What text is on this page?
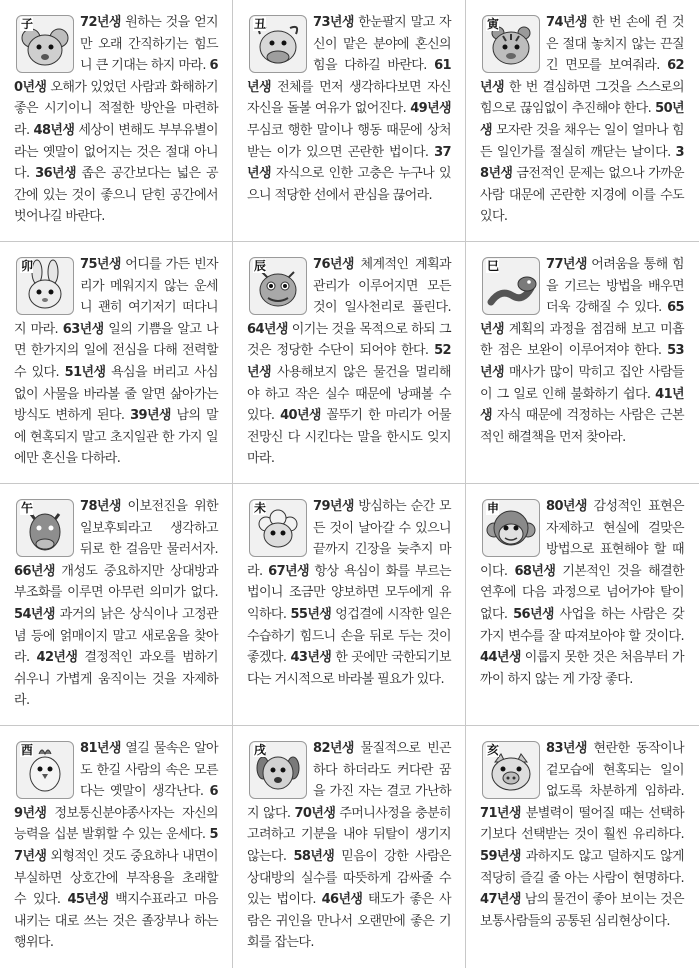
子	72년생 원하는 것을 얻지만 오래 간직하기는 힘드니 큰 기대는 하지 마라. 60년생 오해가 있었던 사람과 화해하기 좋은 시기이니 적절한 방안을 마련하라. 48년생 세상이 변해도 부부유별이라는 옛말이 없어지는 것은 절대 아니다. 36년생 좁은 공간보다는 넓은 공간에 있는 것이 좋으니 닫힌 공간에서 벗어나길 바란다.

丑	73년생 한눈팔지 말고 자신이 맡은 분야에 혼신의 힘을 다하길 바란다. 61년생 전체를 먼저 생각하다보면 자신 자신을 돌볼 여유가 없어진다. 49년생 무심코 행한 말이나 행동 때문에 상처받는 이가 있으면 곤란한 법이다. 37년생 자식으로 인한 고충은 누구나 있으니 적당한 선에서 관심을 끊어라.

寅	74년생 한 번 손에 쥔 것은 절대 놓치지 않는 끈질긴 면모를 보여줘라. 62년생 한 번 결심하면 그것을 스스로의 힘으로 끊임없이 추진해야 한다. 50년생 모자란 것을 채우는 일이 얼마나 힘든 일인가를 절실히 깨닫는 날이다. 38년생 금전적인 문제는 없으나 가까운 사람 대문에 곤란한 지경에 이를 수도 있다.

卯	75년생 어디를 가든 빈자리가 메워지지 않는 운세니 괜히 여기저기 떠다니지 마라. 63년생 일의 기쁨을 알고 나면 한가지의 일에 전심을 다해 전력할 수 있다. 51년생 욕심을 버리고 사심없이 사물을 바라볼 줄 알면 삶아가는 방식도 변하게 된다. 39년생 남의 말에 현혹되지 말고 초지일관 한 가지 일에만 혼신을 다하라.

辰	76년생 체계적인 계획과 관리가 이루어지면 모든 것이 일사천리로 풀린다. 64년생 이기는 것을 목적으로 하되 그것은 정당한 수단이 되어야 한다. 52년생 사용해보지 않은 물건을 멀리해야 하고 작은 실수 때문에 낭패볼 수 있다. 40년생 꼴뚜기 한 마리가 어물전망신 다 시킨다는 말을 한시도 잊지 마라.

巳	77년생 어려움을 통해 힘을 기르는 방법을 배우면 더욱 강해질 수 있다. 65년생 계획의 과정을 점검해 보고 미흡한 점은 보완이 이루어져야 한다. 53년생 매사가 많이 막히고 집안 사람들이 그 일로 인해 불화하기 쉽다. 41년생 자식 때문에 걱정하는 사람은 근본적인 해결책을 먼저 찾아라.

午	78년생 이보전진을 위한 일보후퇴라고 생각하고 뒤로 한 걸음만 물러서자. 66년생 개성도 중요하지만 상대방과 부조화를 이루면 아무런 의미가 없다. 54년생 과거의 낡은 상식이나 고정관념 등에 얽매이지 말고 새로움을 찾아라. 42년생 결정적인 과오를 범하기 쉬우니 가볍게 움직이는 것을 자제하라.

未	79년생 방심하는 순간 모든 것이 날아갈 수 있으니 끝까지 긴장을 늦추지 마라. 67년생 항상 욕심이 화를 부르는 법이니 조금만 양보하면 모두에게 유익하다. 55년생 엉겁결에 시작한 일은 수습하기 힘드니 손을 뒤로 두는 것이 좋겠다. 43년생 한 곳에만 국한되기보다는 거시적으로 바라볼 필요가 있다.

申	80년생 감성적인 표현은 자제하고 현실에 걸맞은 방법으로 표현해야 할 때이다. 68년생 기본적인 것을 해결한 연후에 다음 과정으로 넘어가야 탈이 없다. 56년생 사업을 하는 사람은 갖가지 변수를 잘 따져보아야 할 것이다. 44년생 이룹지 못한 것은 처음부터 가까이 하지 않는 게 가장 좋다.

酉	81년생 열길 물속은 알아도 한길 사람의 속은 모른다는 옛말이 생각난다. 69년생 정보통신분야종사자는 자신의 능력을 십분 발휘할 수 있는 운세다. 57년생 외형적인 것도 중요하나 내면이 부실하면 상호간에 부작용을 초래할 수 있다. 45년생 백지수표라고 마음 내키는 대로 쓰는 것은 졸장부나 하는 행위다.

戌	82년생 물질적으로 빈곤하다 하더라도 커다란 꿈을 가진 자는 결코 가난하지 않다. 70년생 주머니사정을 충분히 고려하고 기분을 내야 뒤탈이 생기지 않는다. 58년생 믿음이 강한 사람은 상대방의 실수를 따뜻하게 감싸줄 수 있는 법이다. 46년생 태도가 좋은 사람은 귀인을 만나서 오랜만에 좋은 기회를 잡는다.

亥	83년생 현란한 동작이나 겉모습에 현혹되는 일이 없도록 차분하게 임하라. 71년생 분별력이 떨어질 때는 선택하기보다 선택받는 것이 훨씬 유리하다. 59년생 과하지도 않고 덜하지도 않게 적당히 즐길 줄 아는 사람이 현명하다. 47년생 남의 물건이 좋아 보이는 것은 보통사람들의 공통된 심리현상이다.
